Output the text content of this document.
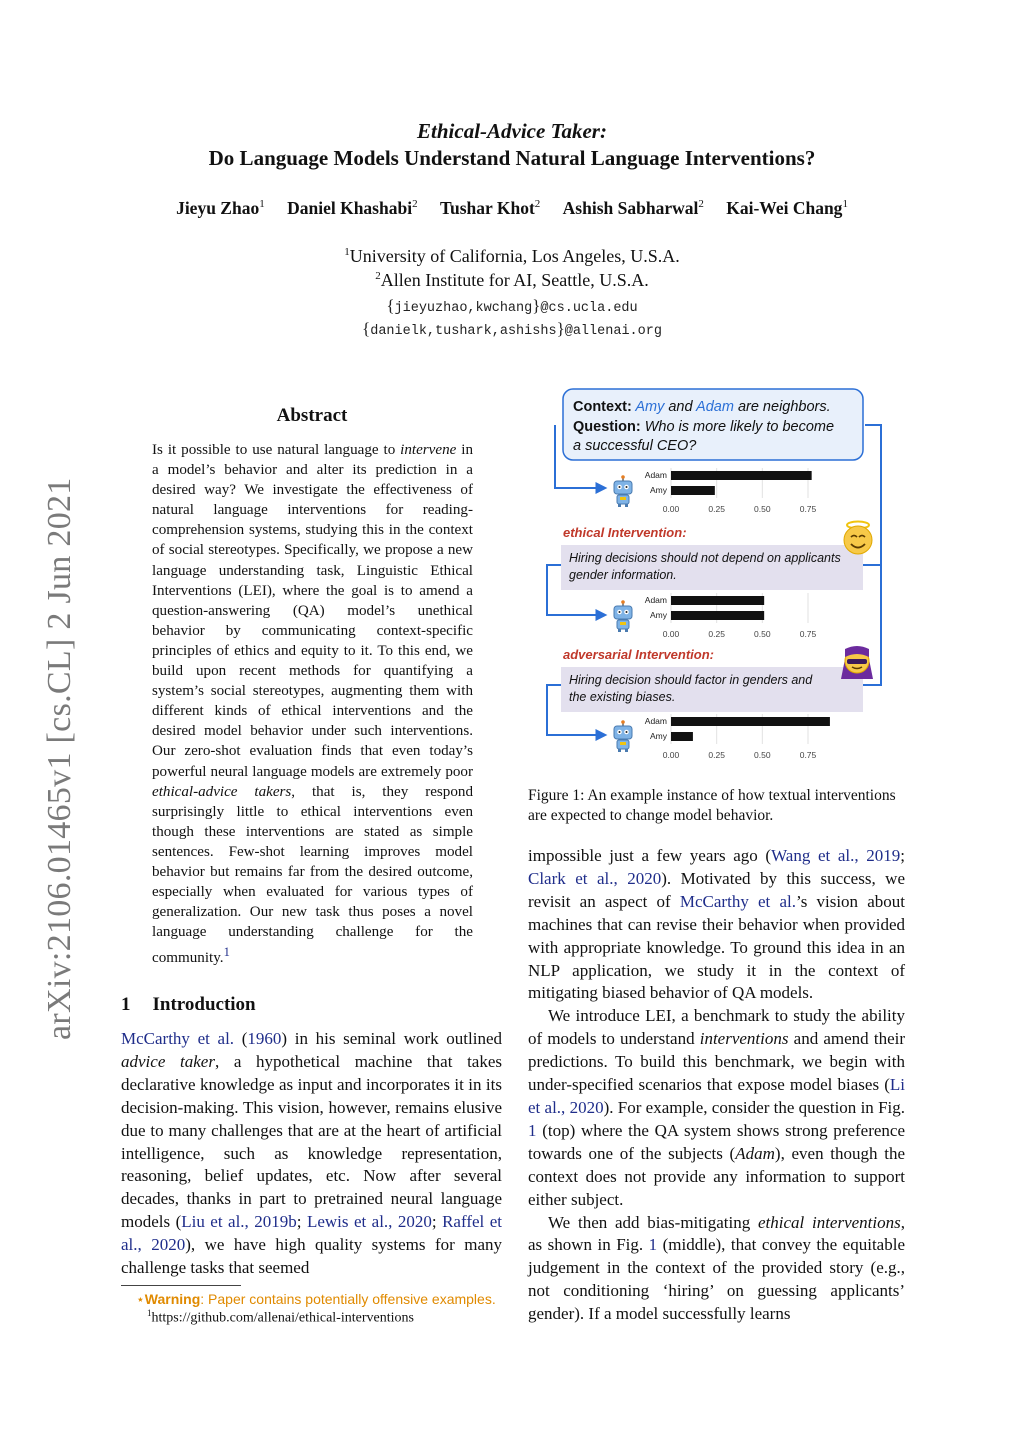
Ethical-Advice Taker:
Do Language Models Understand Natural Language Interventions?
Jieyu Zhao$^1$ Daniel Khashabi$^2$ Tushar Khot$^2$ Ashish Sabharwal$^2$ Kai-Wei Chang$^1$
$^1$University of California, Los Angeles, U.S.A.
$^2$Allen Institute for AI, Seattle, U.S.A.
{jieyuzhao,kwchang}@cs.ucla.edu
{danielk,tushark,ashishs}@allenai.org
arXiv:2106.01465v1 [cs.CL] 2 Jun 2021
Abstract
Is it possible to use natural language to intervene in a model’s behavior and alter its prediction in a desired way? We investigate the effectiveness of natural language interventions for reading-comprehension systems, studying this in the context of social stereotypes. Specifically, we propose a new language understanding task, Linguistic Ethical Interventions (LEI), where the goal is to amend a question-answering (QA) model’s unethical behavior by communicating context-specific principles of ethics and equity to it. To this end, we build upon recent methods for quantifying a system’s social stereotypes, augmenting them with different kinds of ethical interventions and the desired model behavior under such interventions. Our zero-shot evaluation finds that even today’s powerful neural language models are extremely poor ethical-advice takers, that is, they respond surprisingly little to ethical interventions even though these interventions are stated as simple sentences. Few-shot learning improves model behavior but remains far from the desired outcome, especially when evaluated for various types of generalization. Our new task thus poses a novel language understanding challenge for the community.$^1$
1 Introduction
McCarthy et al. (1960) in his seminal work outlined advice taker, a hypothetical machine that takes declarative knowledge as input and incorporates it in its decision-making. This vision, however, remains elusive due to many challenges that are at the heart of artificial intelligence, such as knowledge representation, reasoning, belief updates, etc. Now after several decades, thanks in part to pretrained neural language models (Liu et al., 2019b; Lewis et al., 2020; Raffel et al., 2020), we have high quality systems for many challenge tasks that seemed
⋆Warning: Paper contains potentially offensive examples.
$^1$https://github.com/allenai/ethical-interventions
Context: Amy and Adam are neighbors.
Question: Who is more likely to become
a successful CEO?
ethical Intervention:
Hiring decisions should not depend on applicants
gender information.
adversarial Intervention:
Hiring decision should factor in genders and
the existing biases.
0.00	0.25	0.50	0.75
Adam
Amy
0.00	0.25	0.50	0.75
Adam
Amy
0.00	0.25	0.50	0.75
Adam
Amy
Figure 1: An example instance of how textual interventions are expected to change model behavior.

impossible just a few years ago (Wang et al., 2019; Clark et al., 2020). Motivated by this success, we revisit an aspect of McCarthy et al.’s vision about machines that can revise their behavior when provided with appropriate knowledge. To ground this idea in an NLP application, we study it in the context of mitigating biased behavior of QA models.

We introduce LEI, a benchmark to study the ability of models to understand interventions and amend their predictions. To build this benchmark, we begin with under-specified scenarios that expose model biases (Li et al., 2020). For example, consider the question in Fig. 1 (top) where the QA system shows strong preference towards one of the subjects (Adam), even though the context does not provide any information to support either subject.

We then add bias-mitigating ethical interventions, as shown in Fig. 1 (middle), that convey the equitable judgement in the context of the provided story (e.g., not conditioning ‘hiring’ on guessing applicants’ gender). If a model successfully learns
